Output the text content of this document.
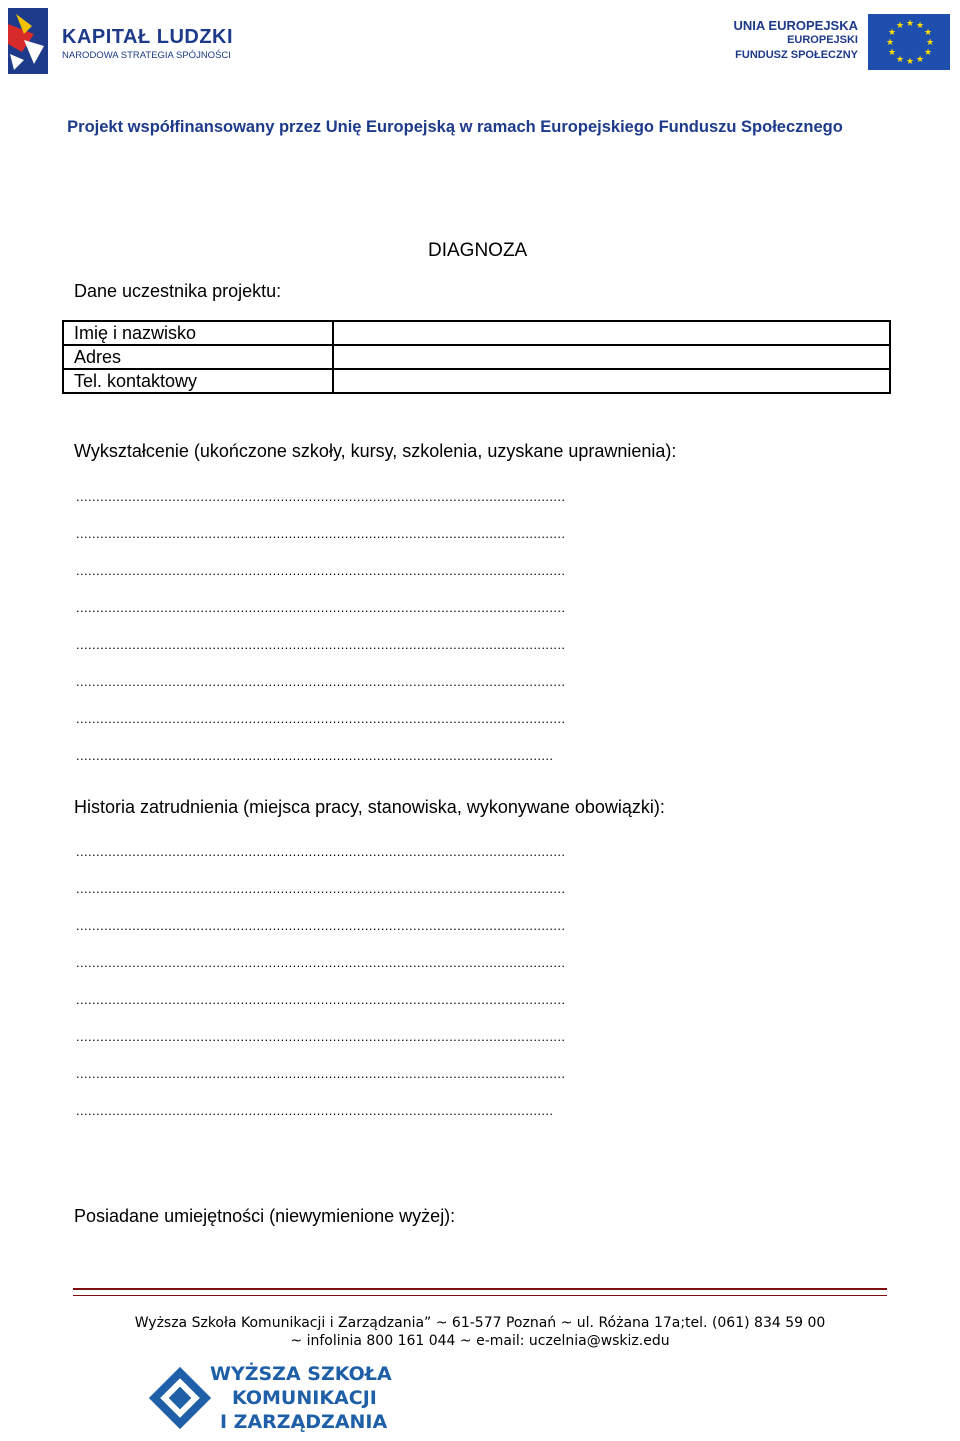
KAPITAŁ LUDZKI
NARODOWA STRATEGIA SPÓJNOŚCI
UNIA EUROPEJSKA
EUROPEJSKI
FUNDUSZ SPOŁECZNY
★ ★
★
★
★
★
★
★
★
★
★
★
Projekt współfinansowany przez Unię Europejską w ramach Europejskiego Funduszu Społecznego
DIAGNOZA
Dane uczestnika projektu:
Imię i nazwisko	
Adres	
Tel. kontaktowy	
Wykształcenie (ukończone szkoły, kursy, szkolenia, uzyskane uprawnienia):
..........................................................................................................................
..........................................................................................................................
..........................................................................................................................
..........................................................................................................................
..........................................................................................................................
..........................................................................................................................
..........................................................................................................................
.......................................................................................................................
Historia zatrudnienia (miejsca pracy, stanowiska, wykonywane obowiązki):
..........................................................................................................................
..........................................................................................................................
..........................................................................................................................
..........................................................................................................................
..........................................................................................................................
..........................................................................................................................
..........................................................................................................................
.......................................................................................................................
Posiadane umiejętności (niewymienione wyżej):
Wyższa Szkoła Komunikacji i Zarządzania” ~ 61-577 Poznań ~ ul. Różana 17a;tel. (061) 834 59 00
~ infolinia 800 161 044 ~ e-mail: uczelnia@wskiz.edu
WYŻSZA SZKOŁA
KOMUNIKACJI
I ZARZĄDZANIA
